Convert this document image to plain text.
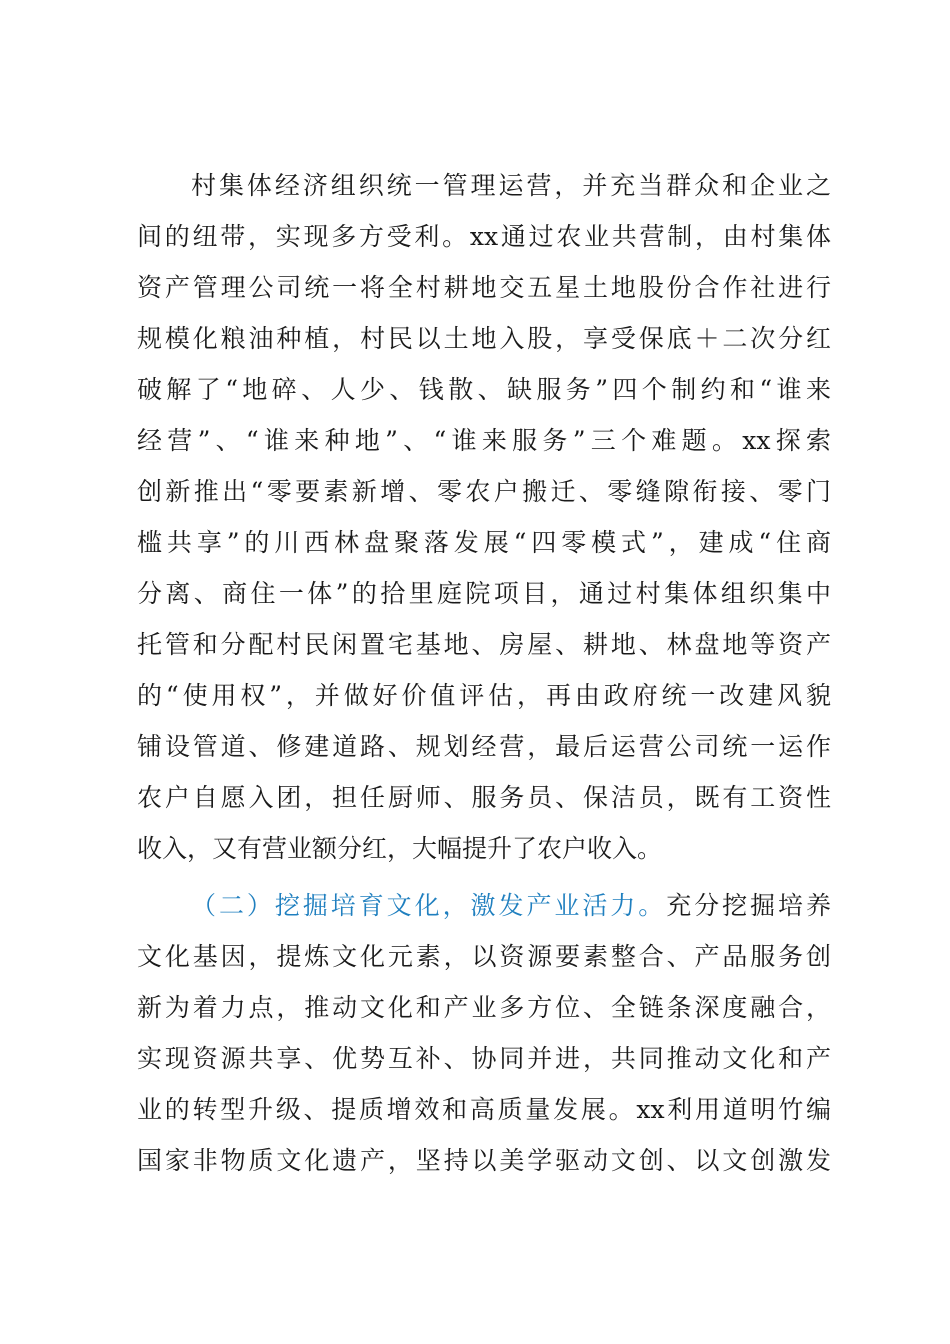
村集体经济组织统一管理运营，并充当群众和企业之
间的纽带，实现多方受利。xx通过农业共营制，由村集体
资产管理公司统一将全村耕地交五星土地股份合作社进行
规模化粮油种植，村民以土地入股，享受保底＋二次分红
破解了“地碎、人少、钱散、缺服务”四个制约和“谁来
经营”、“谁来种地”、“谁来服务”三个难题。xx探索
创新推出“零要素新增、零农户搬迁、零缝隙衔接、零门
槛共享”的川西林盘聚落发展“四零模式”，建成“住商
分离、商住一体”的拾里庭院项目，通过村集体组织集中
托管和分配村民闲置宅基地、房屋、耕地、林盘地等资产
的“使用权”，并做好价值评估，再由政府统一改建风貌
铺设管道、修建道路、规划经营，最后运营公司统一运作
农户自愿入团，担任厨师、服务员、保洁员，既有工资性
收入，又有营业额分红，大幅提升了农户收入。
（二）挖掘培育文化，激发产业活力。充分挖掘培养
文化基因，提炼文化元素，以资源要素整合、产品服务创
新为着力点，推动文化和产业多方位、全链条深度融合，
实现资源共享、优势互补、协同并进，共同推动文化和产
业的转型升级、提质增效和高质量发展。xx利用道明竹编
国家非物质文化遗产，坚持以美学驱动文创、以文创激发
